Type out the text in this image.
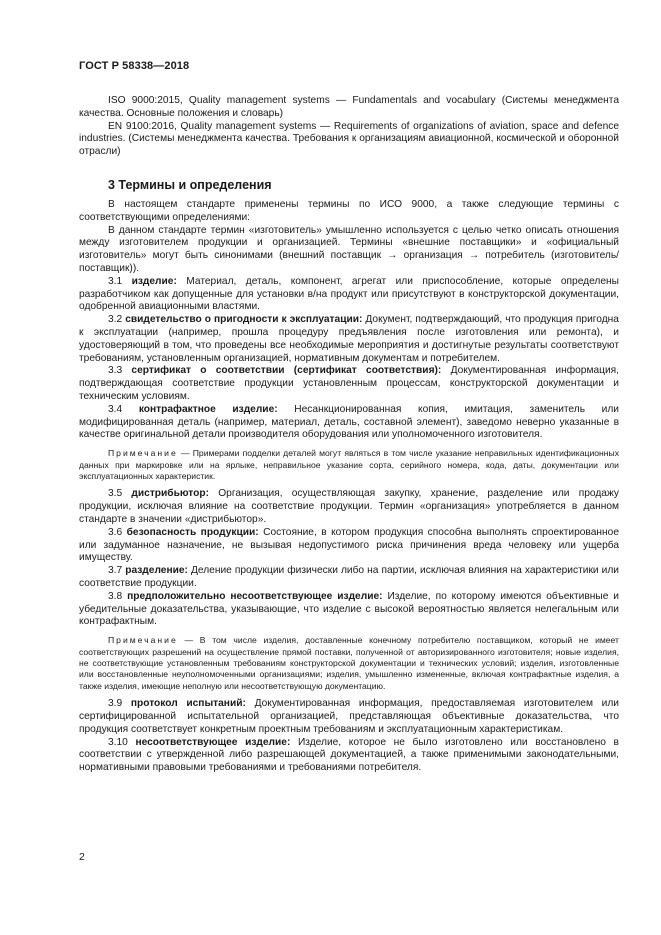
ГОСТ Р 58338—2018

ISO 9000:2015, Quality management systems — Fundamentals and vocabulary (Системы менеджмента качества. Основные положения и словарь)

EN 9100:2016, Quality management systems — Requirements of organizations of aviation, space and defence industries. (Системы менеджмента качества. Требования к организациям авиационной, космической и оборонной отрасли)

3 Термины и определения

В настоящем стандарте применены термины по ИСО 9000, а также следующие термины с соответствующими определениями:

В данном стандарте термин «изготовитель» умышленно используется с целью четко описать отношения между изготовителем продукции и организацией. Термины «внешние поставщики» и «официальный изготовитель» могут быть синонимами (внешний поставщик → организация → потребитель (изготовитель/поставщик)).

3.1 изделие: Материал, деталь, компонент, агрегат или приспособление, которые определены разработчиком как допущенные для установки в/на продукт или присутствуют в конструкторской документации, одобренной авиационными властями.

3.2 свидетельство о пригодности к эксплуатации: Документ, подтверждающий, что продукция пригодна к эксплуатации (например, прошла процедуру предъявления после изготовления или ремонта), и удостоверяющий в том, что проведены все необходимые мероприятия и достигнутые результаты соответствуют требованиям, установленным организацией, нормативным документам и потребителем.

3.3 сертификат о соответствии (сертификат соответствия): Документированная информация, подтверждающая соответствие продукции установленным процессам, конструкторской документации и техническим условиям.

3.4 контрафактное изделие: Несанкционированная копия, имитация, заменитель или модифицированная деталь (например, материал, деталь, составной элемент), заведомо неверно указанные в качестве оригинальной детали производителя оборудования или уполномоченного изготовителя.

Примечание — Примерами подделки деталей могут являться в том числе указание неправильных идентификационных данных при маркировке или на ярлыке, неправильное указание сорта, серийного номера, кода, даты, документации или эксплуатационных характеристик.

3.5 дистрибьютор: Организация, осуществляющая закупку, хранение, разделение или продажу продукции, исключая влияние на соответствие продукции. Термин «организация» употребляется в данном стандарте в значении «дистрибьютор».

3.6 безопасность продукции: Состояние, в котором продукция способна выполнять спроектированное или задуманное назначение, не вызывая недопустимого риска причинения вреда человеку или ущерба имуществу.

3.7 разделение: Деление продукции физически либо на партии, исключая влияния на характеристики или соответствие продукции.

3.8 предположительно несоответствующее изделие: Изделие, по которому имеются объективные и убедительные доказательства, указывающие, что изделие с высокой вероятностью является нелегальным или контрафактным.

Примечание — В том числе изделия, доставленные конечному потребителю поставщиком, который не имеет соответствующих разрешений на осуществление прямой поставки, полученной от авторизированного изготовителя; новые изделия, не соответствующие установленным требованиям конструкторской документации и технических условий; изделия, изготовленные или восстановленные неуполномоченными организациями; изделия, умышленно измененные, включая контрафактные изделия, а также изделия, имеющие неполную или несоответствующую документацию.

3.9 протокол испытаний: Документированная информация, предоставляемая изготовителем или сертифицированной испытательной организацией, представляющая объективные доказательства, что продукция соответствует конкретным проектным требованиям и эксплуатационным характеристикам.

3.10 несоответствующее изделие: Изделие, которое не было изготовлено или восстановлено в соответствии с утвержденной либо разрешающей документацией, а также применимыми законодательными, нормативными правовыми требованиями и требованиями потребителя.

2
